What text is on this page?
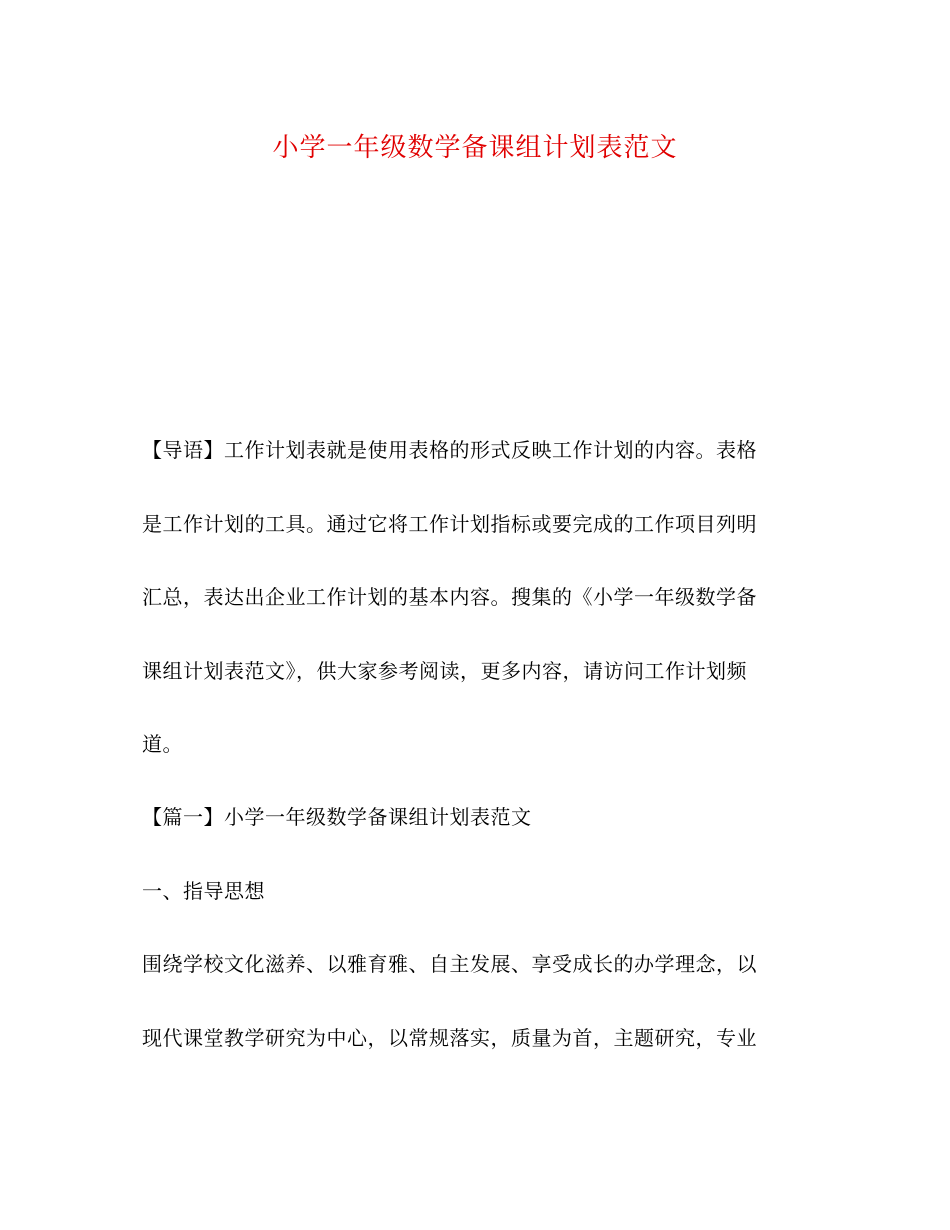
小学一年级数学备课组计划表范文

【导语】工作计划表就是使用表格的形式反映工作计划的内容。表格

是工作计划的工具。通过它将工作计划指标或要完成的工作项目列明

汇总，表达出企业工作计划的基本内容。搜集的《小学一年级数学备

课组计划表范文》，供大家参考阅读，更多内容，请访问工作计划频

道。

【篇一】小学一年级数学备课组计划表范文

一、指导思想

围绕学校文化滋养、以雅育雅、自主发展、享受成长的办学理念，以

现代课堂教学研究为中心，以常规落实，质量为首，主题研究，专业
